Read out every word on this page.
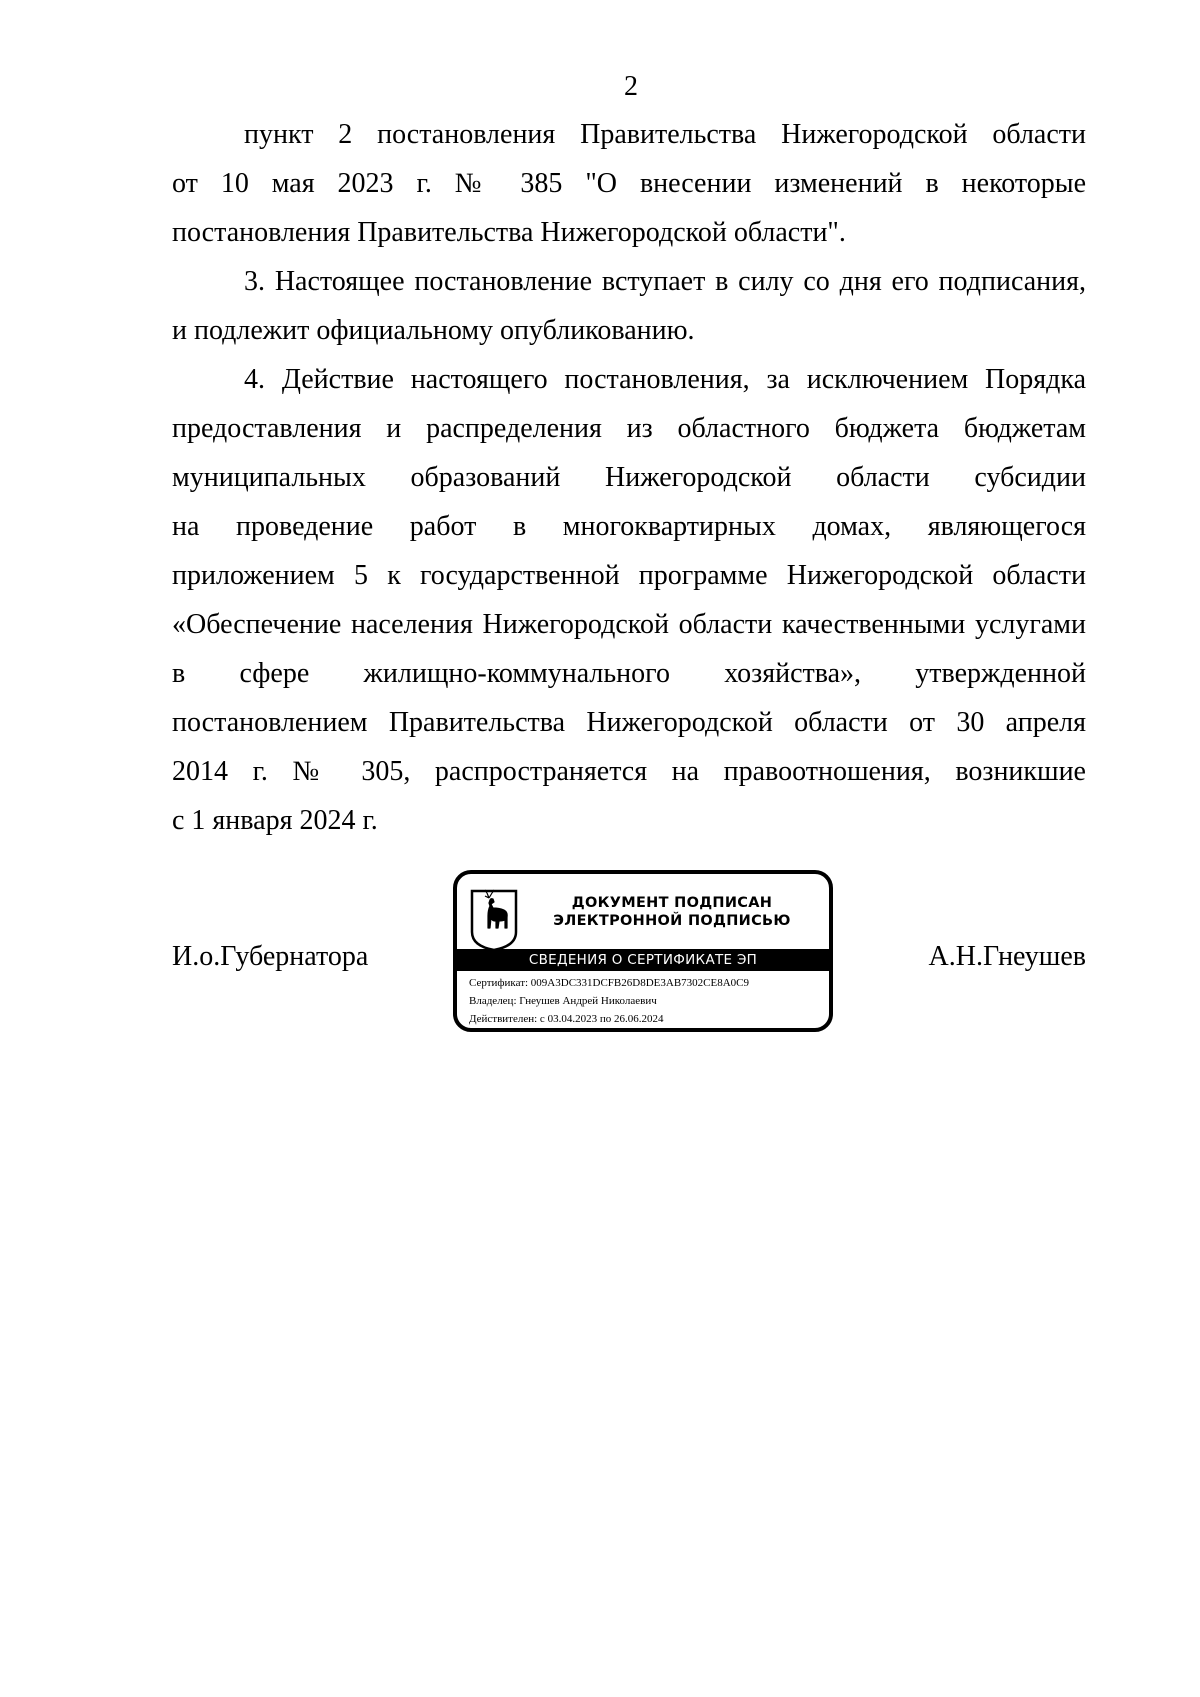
2

пункт 2 постановления Правительства Нижегородской области
от 10 мая 2023 г. № 385 "О внесении изменений в некоторые
постановления Правительства Нижегородской области".

3. Настоящее постановление вступает в силу со дня его подписания,
и подлежит официальному опубликованию.

4. Действие настоящего постановления, за исключением Порядка
предоставления и распределения из областного бюджета бюджетам
муниципальных образований Нижегородской области субсидии
на проведение работ в многоквартирных домах, являющегося
приложением 5 к государственной программе Нижегородской области
«Обеспечение населения Нижегородской области качественными услугами
в сфере жилищно-коммунального хозяйства», утвержденной
постановлением Правительства Нижегородской области от 30 апреля
2014 г. № 305, распространяется на правоотношения, возникшие
с 1 января 2024 г.

И.о.Губернатора
ДОКУМЕНТ ПОДПИСАН
ЭЛЕКТРОННОЙ ПОДПИСЬЮ
СВЕДЕНИЯ О СЕРТИФИКАТЕ ЭП
Сертификат: 009A3DC331DCFB26D8DE3AB7302CE8A0C9
Владелец: Гнеушев Андрей Николаевич
Действителен: с 03.04.2023 по 26.06.2024
А.Н.Гнеушев
